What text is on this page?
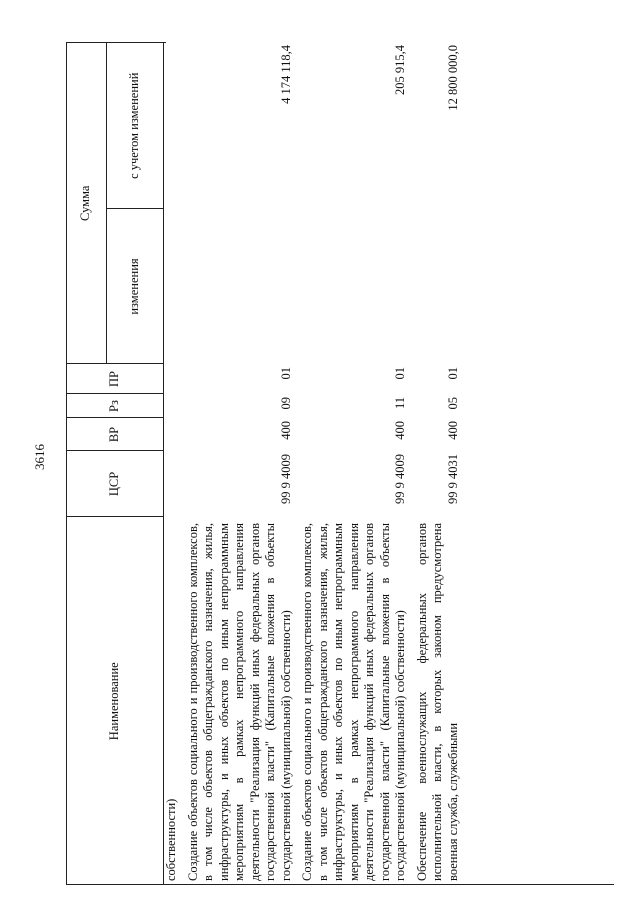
3616
Наименование	ЦСР	ВР	Рз	ПР	Сумма	
					изменения	с учетом изменений
собственности)						
Создание объектов социального и производственного комплексов, в том числе объектов общегражданского назначения, жилья, инфраструктуры, и иных объектов по иным непрограммным мероприятиям в рамках непрограммного направления деятельности "Реализация функций иных федеральных органов государственной власти" (Капитальные вложения в объекты государственной (муниципальной) собственности)	99 9 4009	400	09	01		4 174 118,4
Создание объектов социального и производственного комплексов, в том числе объектов общегражданского назначения, жилья, инфраструктуры, и иных объектов по иным непрограммным мероприятиям в рамках непрограммного направления деятельности "Реализация функций иных федеральных органов государственной власти" (Капитальные вложения в объекты государственной (муниципальной) собственности)	99 9 4009	400	11	01		205 915,4
Обеспечение военнослужащих федеральных органов исполнительной власти, в которых законом предусмотрена военная служба, служебными	99 9 4031	400	05	01		12 800 000,0
